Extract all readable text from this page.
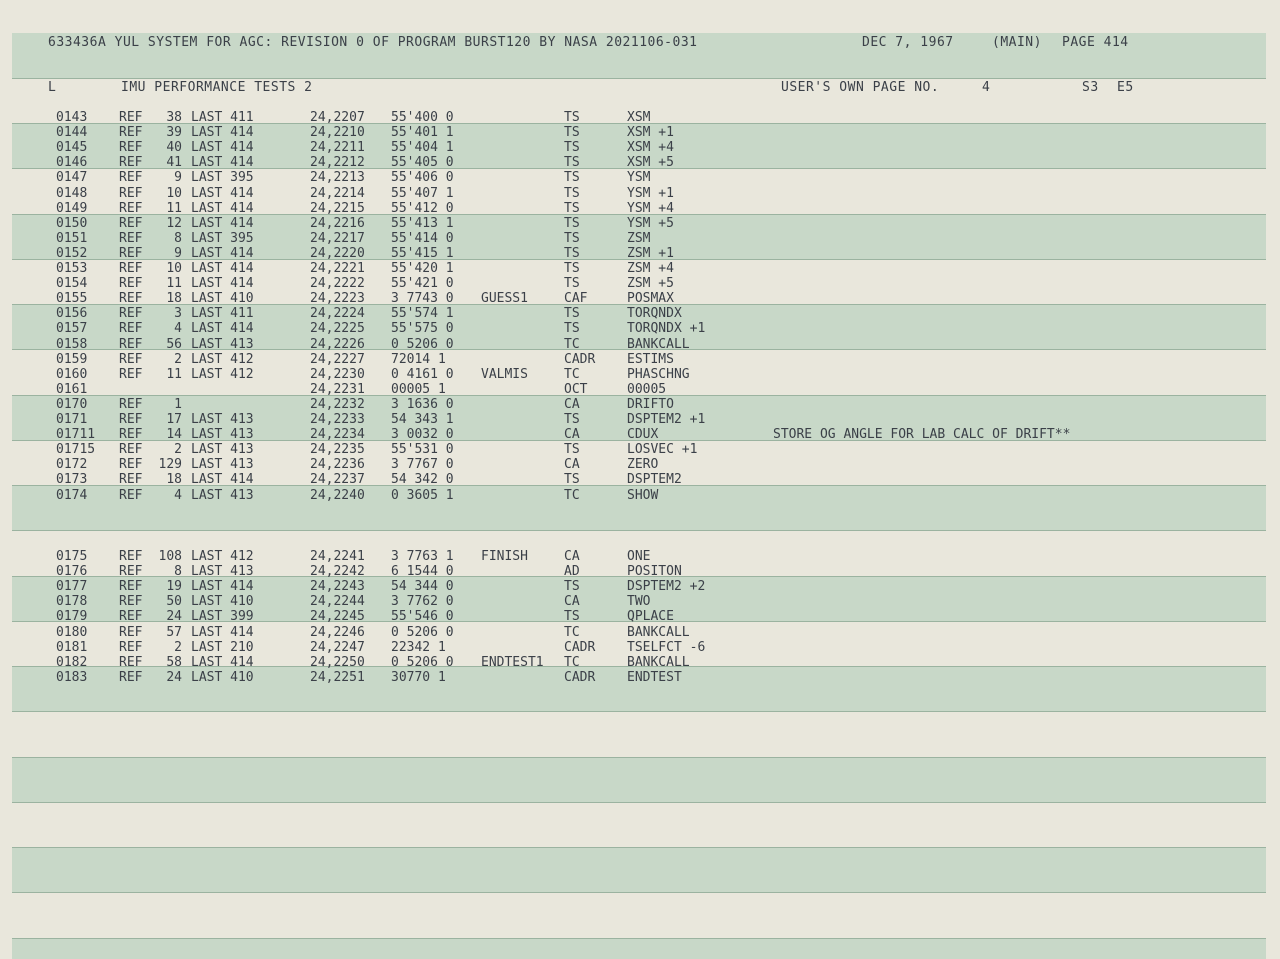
633436A YUL SYSTEM FOR AGC: REVISION 0 OF PROGRAM BURST120 BY NASA 2021106-031	DEC 7, 1967	(MAIN) PAGE 414
L	IMU PERFORMANCE TESTS 2	USER'S OWN PAGE NO.	4	S3 E5
0143 REF	38 LAST 411	24,2207 55'400 0	TS	XSM
0144 REF	39 LAST 414	24,2210 55'401 1	TS	XSM +1
0145 REF	40 LAST 414	24,2211 55'404 1	TS	XSM +4
0146 REF	41 LAST 414	24,2212 55'405 0	TS	XSM +5
0147 REF	9 LAST 395	24,2213 55'406 0	TS	YSM
0148 REF	10 LAST 414	24,2214 55'407 1	TS	YSM +1
0149 REF	11 LAST 414	24,2215 55'412 0	TS	YSM +4
0150 REF	12 LAST 414	24,2216 55'413 1	TS	YSM +5
0151 REF	8 LAST 395	24,2217 55'414 0	TS	ZSM
0152 REF	9 LAST 414	24,2220 55'415 1	TS	ZSM +1
0153 REF	10 LAST 414	24,2221 55'420 1	TS	ZSM +4
0154 REF	11 LAST 414	24,2222 55'421 0	TS	ZSM +5
0155 REF	18 LAST 410	24,2223 3 7743 0 GUESS1	CAF	POSMAX
0156 REF	3 LAST 411	24,2224 55'574 1	TS	TORQNDX
0157 REF	4 LAST 414	24,2225 55'575 0	TS	TORQNDX +1
0158 REF	56 LAST 413	24,2226 0 5206 0	TC	BANKCALL
0159 REF	2 LAST 412	24,2227 72014 1	CADR ESTIMS
0160 REF	11 LAST 412	24,2230 0 4161 0 VALMIS	TC	PHASCHNG
0161	24,2231 00005 1	OCT	00005
0170 REF	1	24,2232 3 1636 0	CA	DRIFTO
0171 REF	17 LAST 413	24,2233 54 343 1	TS	DSPTEM2 +1
01711 REF	14 LAST 413	24,2234 3 0032 0	CA	CDUX	STORE OG ANGLE FOR LAB CALC OF DRIFT**
01715 REF	2 LAST 413	24,2235 55'531 0	TS	LOSVEC +1
0172 REF	129 LAST 413	24,2236 3 7767 0	CA	ZERO
0173 REF	18 LAST 414	24,2237 54 342 0	TS	DSPTEM2
0174 REF	4 LAST 413	24,2240 0 3605 1	TC	SHOW
0175 REF	108 LAST 412	24,2241 3 7763 1 FINISH	CA	ONE
0176 REF	8 LAST 413	24,2242 6 1544 0	AD	POSITON
0177 REF	19 LAST 414	24,2243 54 344 0	TS	DSPTEM2 +2
0178 REF	50 LAST 410	24,2244 3 7762 0	CA	TWO
0179 REF	24 LAST 399	24,2245 55'546 0	TS	QPLACE
0180 REF	57 LAST 414	24,2246 0 5206 0	TC	BANKCALL
0181 REF	2 LAST 210	24,2247 22342 1	CADR TSELFCT -6
0182 REF	58 LAST 414	24,2250 0 5206 0 ENDTEST1 TC	BANKCALL
0183 REF	24 LAST 410	24,2251 30770 1	CADR ENDTEST
